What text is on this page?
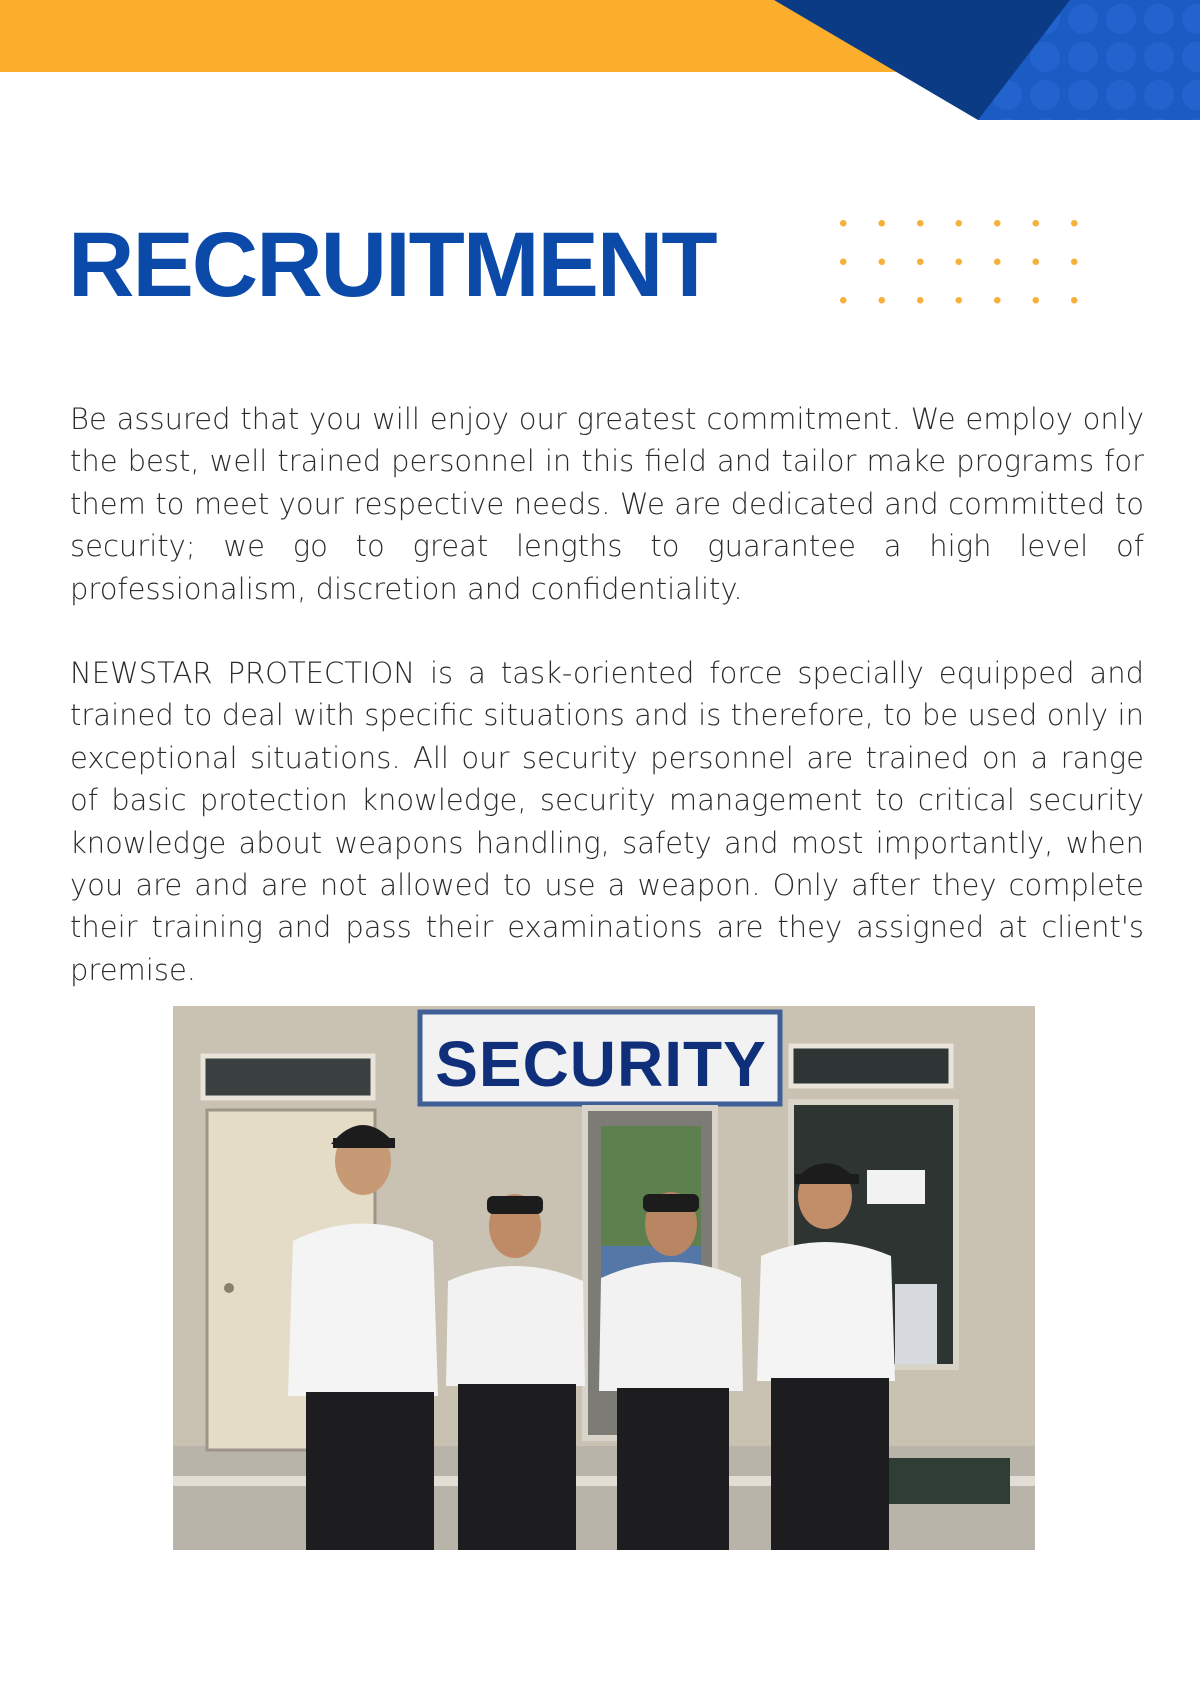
RECRUITMENT

Be assured that you will enjoy our greatest commitment. We employ only the best, well trained personnel in this field and tailor make programs for them to meet your respective needs. We are dedicated and committed to security; we go to great lengths to guarantee a high level of professionalism, discretion and confidentiality.

NEWSTAR PROTECTION is a task-oriented force specially equipped and trained to deal with specific situations and is therefore, to be used only in exceptional situations. All our security personnel are trained on a range of basic protection knowledge, security management to critical security knowledge about weapons handling, safety and most importantly, when you are and are not allowed to use a weapon. Only after they complete their training and pass their examinations are they assigned at client's premise.

SECURITY
